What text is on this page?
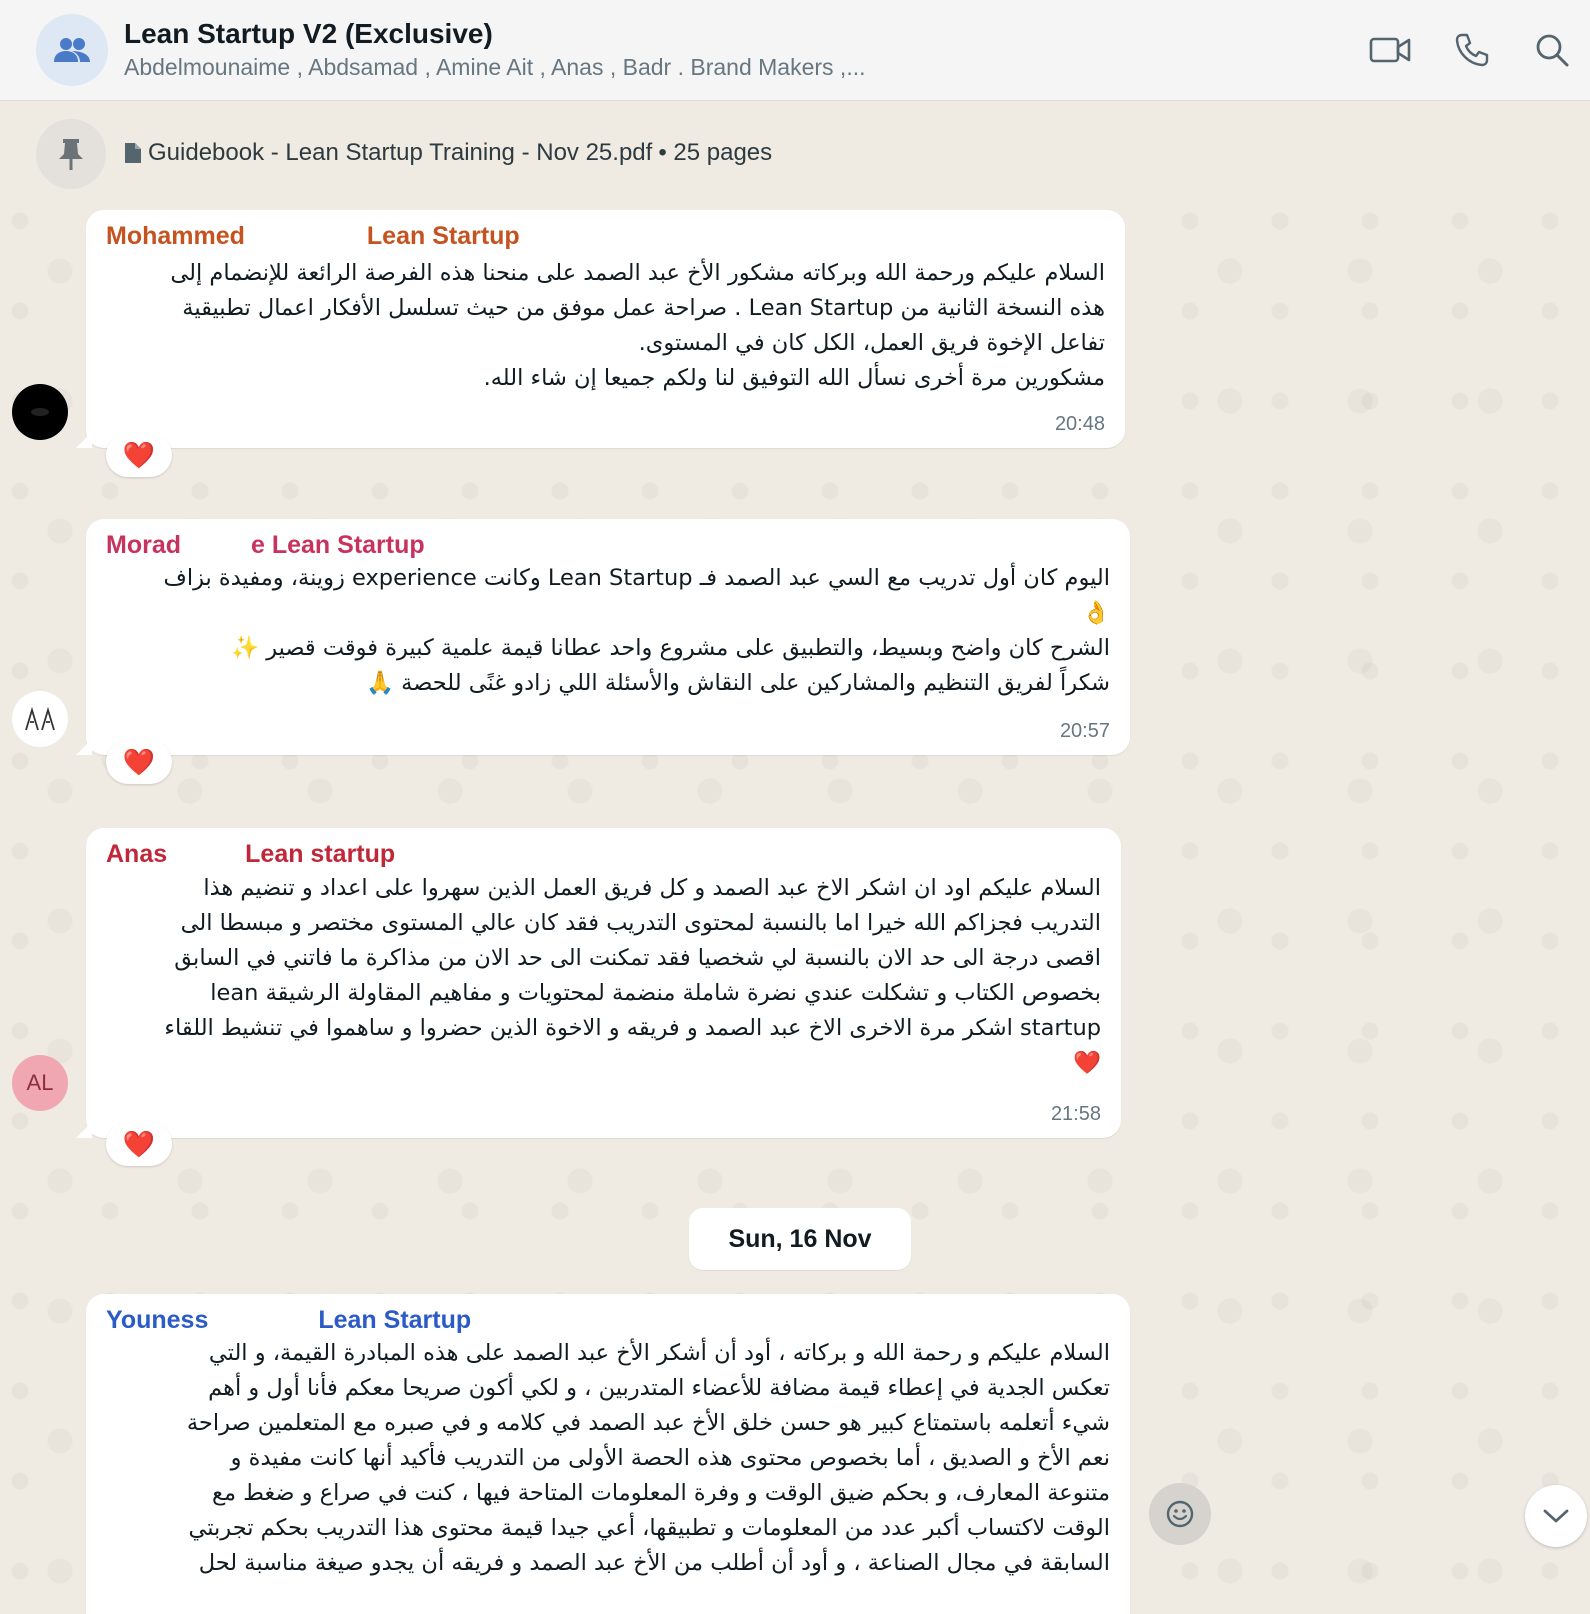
Lean Startup V2 (Exclusive)
Abdelmounaime , Abdsamad , Amine Ait , Anas , Badr . Brand Makers ,...
Guidebook - Lean Startup Training - Nov 25.pdf • 25 pages
Mohammed	Lean Startup
السلام عليكم ورحمة الله وبركاته مشكور الأخ عبد الصمد على منحنا هذه الفرصة الرائعة للإنضمام إلى
هذه النسخة الثانية من Lean Startup . صراحة عمل موفق من حيث تسلسل الأفكار اعمال تطبيقية
تفاعل الإخوة فريق العمل، الكل كان في المستوى.
مشكورين مرة أخرى نسأل الله التوفيق لنا ولكم جميعا إن شاء الله.
20:48
❤️
Morad	e Lean Startup
اليوم كان أول تدريب مع السي عبد الصمد فـ Lean Startup وكانت experience زوينة، ومفيدة بزاف
👌
الشرح كان واضح وبسيط، والتطبيق على مشروع واحد عطانا قيمة علمية كبيرة فوقت قصير ✨
شكراً لفريق التنظيم والمشاركين على النقاش والأسئلة اللي زادو غنًى للحصة 🙏
20:57
❤️
AL
Anas	Lean startup
السلام عليكم اود ان اشكر الاخ عبد الصمد و كل فريق العمل الذين سهروا على اعداد و تنضيم هذا
التدريب فجزاكم الله خيرا اما بالنسبة لمحتوى التدريب فقد كان عالي المستوى مختصر و مبسطا الى
اقصى درجة الى حد الان بالنسبة لي شخصيا فقد تمكنت الى حد الان من مذاكرة ما فاتني في السابق
بخصوص الكتاب و تشكلت عندي نضرة شاملة منضمة لمحتويات و مفاهيم المقاولة الرشيقة lean
startup اشكر مرة الاخرى الاخ عبد الصمد و فريقه و الاخوة الذين حضروا و ساهموا في تنشيط اللقاء
❤️
21:58
❤️
Sun, 16 Nov
Youness	Lean Startup
السلام عليكم و رحمة الله و بركاته ، أود أن أشكر الأخ عبد الصمد على هذه المبادرة القيمة، و التي
تعكس الجدية في إعطاء قيمة مضافة للأعضاء المتدربين ، و لكي أكون صريحا معكم فأنا أول و أهم
شيء أتعلمه باستمتاع كبير هو حسن خلق الأخ عبد الصمد في كلامه و في صبره مع المتعلمين صراحة
نعم الأخ و الصديق ، أما بخصوص محتوى هذه الحصة الأولى من التدريب فأكيد أنها كانت مفيدة و
متنوعة المعارف، و بحكم ضيق الوقت و وفرة المعلومات المتاحة فيها ، كنت في صراع و ضغط مع
الوقت لاكتساب أكبر عدد من المعلومات و تطبيقها، أعي جيدا قيمة محتوى هذا التدريب بحكم تجربتي
السابقة في مجال الصناعة ، و أود أن أطلب من الأخ عبد الصمد و فريقه أن يجدو صيغة مناسبة لحل
